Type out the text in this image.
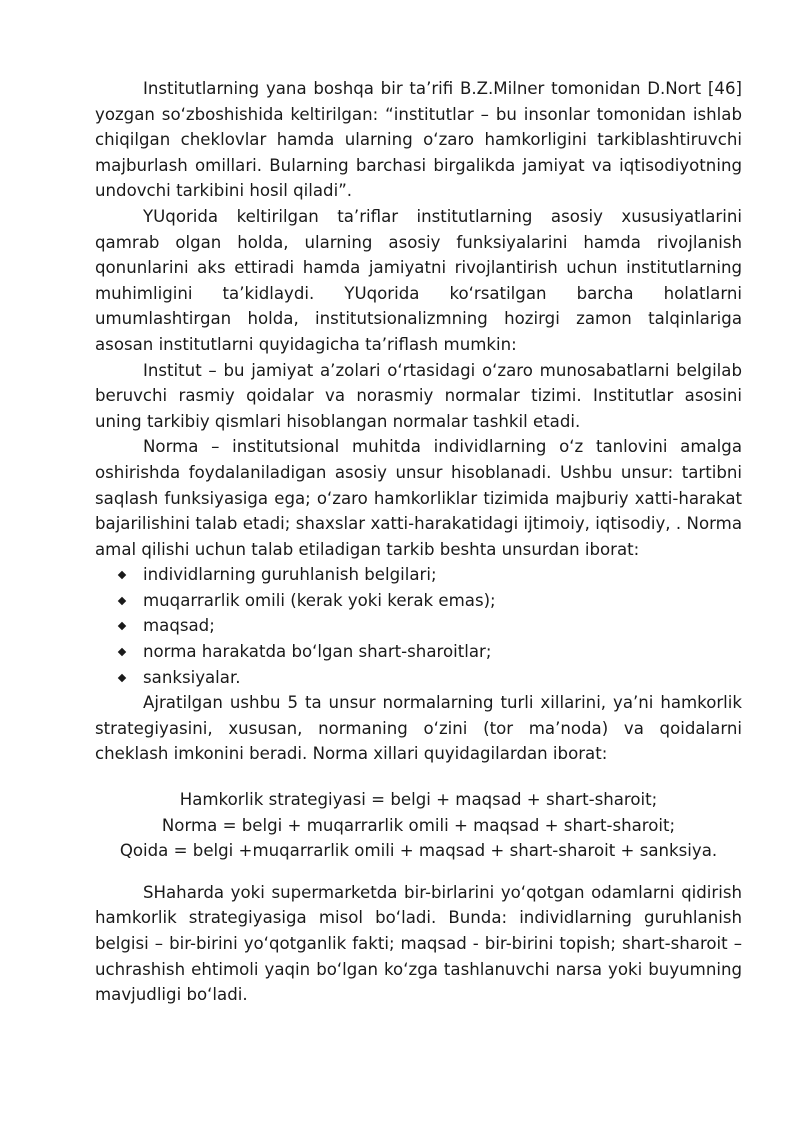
Institutlarning yana boshqa bir ta’rifi B.Z.Milner tomonidan D.Nort [46] yozgan so‘zboshishida keltirilgan: “institutlar – bu insonlar tomonidan ishlab chiqilgan cheklovlar hamda ularning o‘zaro hamkorligini tarkiblashtiruvchi majburlash omillari. Bularning barchasi birgalikda jamiyat va iqtisodiyotning undovchi tarkibini hosil qiladi”.

YUqorida keltirilgan ta’riflar institutlarning asosiy xususiyatlarini qamrab olgan holda, ularning asosiy funksiyalarini hamda rivojlanish qonunlarini aks ettiradi hamda jamiyatni rivojlantirish uchun institutlarning muhimligini ta’kidlaydi. YUqorida ko‘rsatilgan barcha holatlarni umumlashtirgan holda, institutsionalizmning hozirgi zamon talqinlariga asosan institutlarni quyidagicha ta’riflash mumkin:

Institut – bu jamiyat a’zolari o‘rtasidagi o‘zaro munosabatlarni belgilab beruvchi rasmiy qoidalar va norasmiy normalar tizimi. Institutlar asosini uning tarkibiy qismlari hisoblangan normalar tashkil etadi.

Norma – institutsional muhitda individlarning o‘z tanlovini amalga oshirishda foydalaniladigan asosiy unsur hisoblanadi. Ushbu unsur: tartibni saqlash funksiyasiga ega; o‘zaro hamkorliklar tizimida majburiy xatti-harakat bajarilishini talab etadi; shaxslar xatti-harakatidagi ijtimoiy, iqtisodiy, . Norma amal qilishi uchun talab etiladigan tarkib beshta unsurdan iborat:

individlarning guruhlanish belgilari;
muqarrarlik omili (kerak yoki kerak emas);
maqsad;
norma harakatda bo‘lgan shart-sharoitlar;
sanksiyalar.

Ajratilgan ushbu 5 ta unsur normalarning turli xillarini, ya’ni hamkorlik strategiyasini, xususan, normaning o‘zini (tor ma’noda) va qoidalarni cheklash imkonini beradi. Norma xillari quyidagilardan iborat:

Hamkorlik strategiyasi = belgi + maqsad + shart-sharoit;

Norma = belgi + muqarrarlik omili + maqsad + shart-sharoit;

Qoida = belgi +muqarrarlik omili + maqsad + shart-sharoit + sanksiya.

SHaharda yoki supermarketda bir-birlarini yo‘qotgan odamlarni qidirish hamkorlik strategiyasiga misol bo‘ladi. Bunda: individlarning guruhlanish belgisi – bir-birini yo‘qotganlik fakti; maqsad - bir-birini topish; shart-sharoit – uchrashish ehtimoli yaqin bo‘lgan ko‘zga tashlanuvchi narsa yoki buyumning mavjudligi bo‘ladi.
